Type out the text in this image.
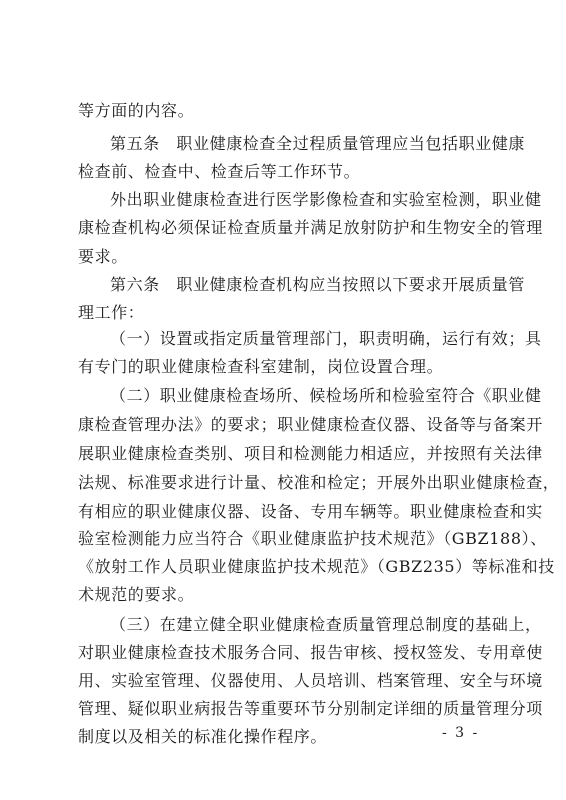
等方面的内容。
第五条　职业健康检查全过程质量管理应当包括职业健康
检查前、检查中、检查后等工作环节。
外出职业健康检查进行医学影像检查和实验室检测，职业健
康检查机构必须保证检查质量并满足放射防护和生物安全的管理
要求。
第六条　职业健康检查机构应当按照以下要求开展质量管
理工作：
（一）设置或指定质量管理部门，职责明确，运行有效；具
有专门的职业健康检查科室建制，岗位设置合理。
（二）职业健康检查场所、候检场所和检验室符合《职业健
康检查管理办法》的要求；职业健康检查仪器、设备等与备案开
展职业健康检查类别、项目和检测能力相适应，并按照有关法律
法规、标准要求进行计量、校准和检定；开展外出职业健康检查，
有相应的职业健康仪器、设备、专用车辆等。职业健康检查和实
验室检测能力应当符合《职业健康监护技术规范》（GBZ188）、
《放射工作人员职业健康监护技术规范》（GBZ235）等标准和技
术规范的要求。
（三）在建立健全职业健康检查质量管理总制度的基础上，
对职业健康检查技术服务合同、报告审核、授权签发、专用章使
用、实验室管理、仪器使用、人员培训、档案管理、安全与环境
管理、疑似职业病报告等重要环节分别制定详细的质量管理分项
制度以及相关的标准化操作程序。	- 3 -
